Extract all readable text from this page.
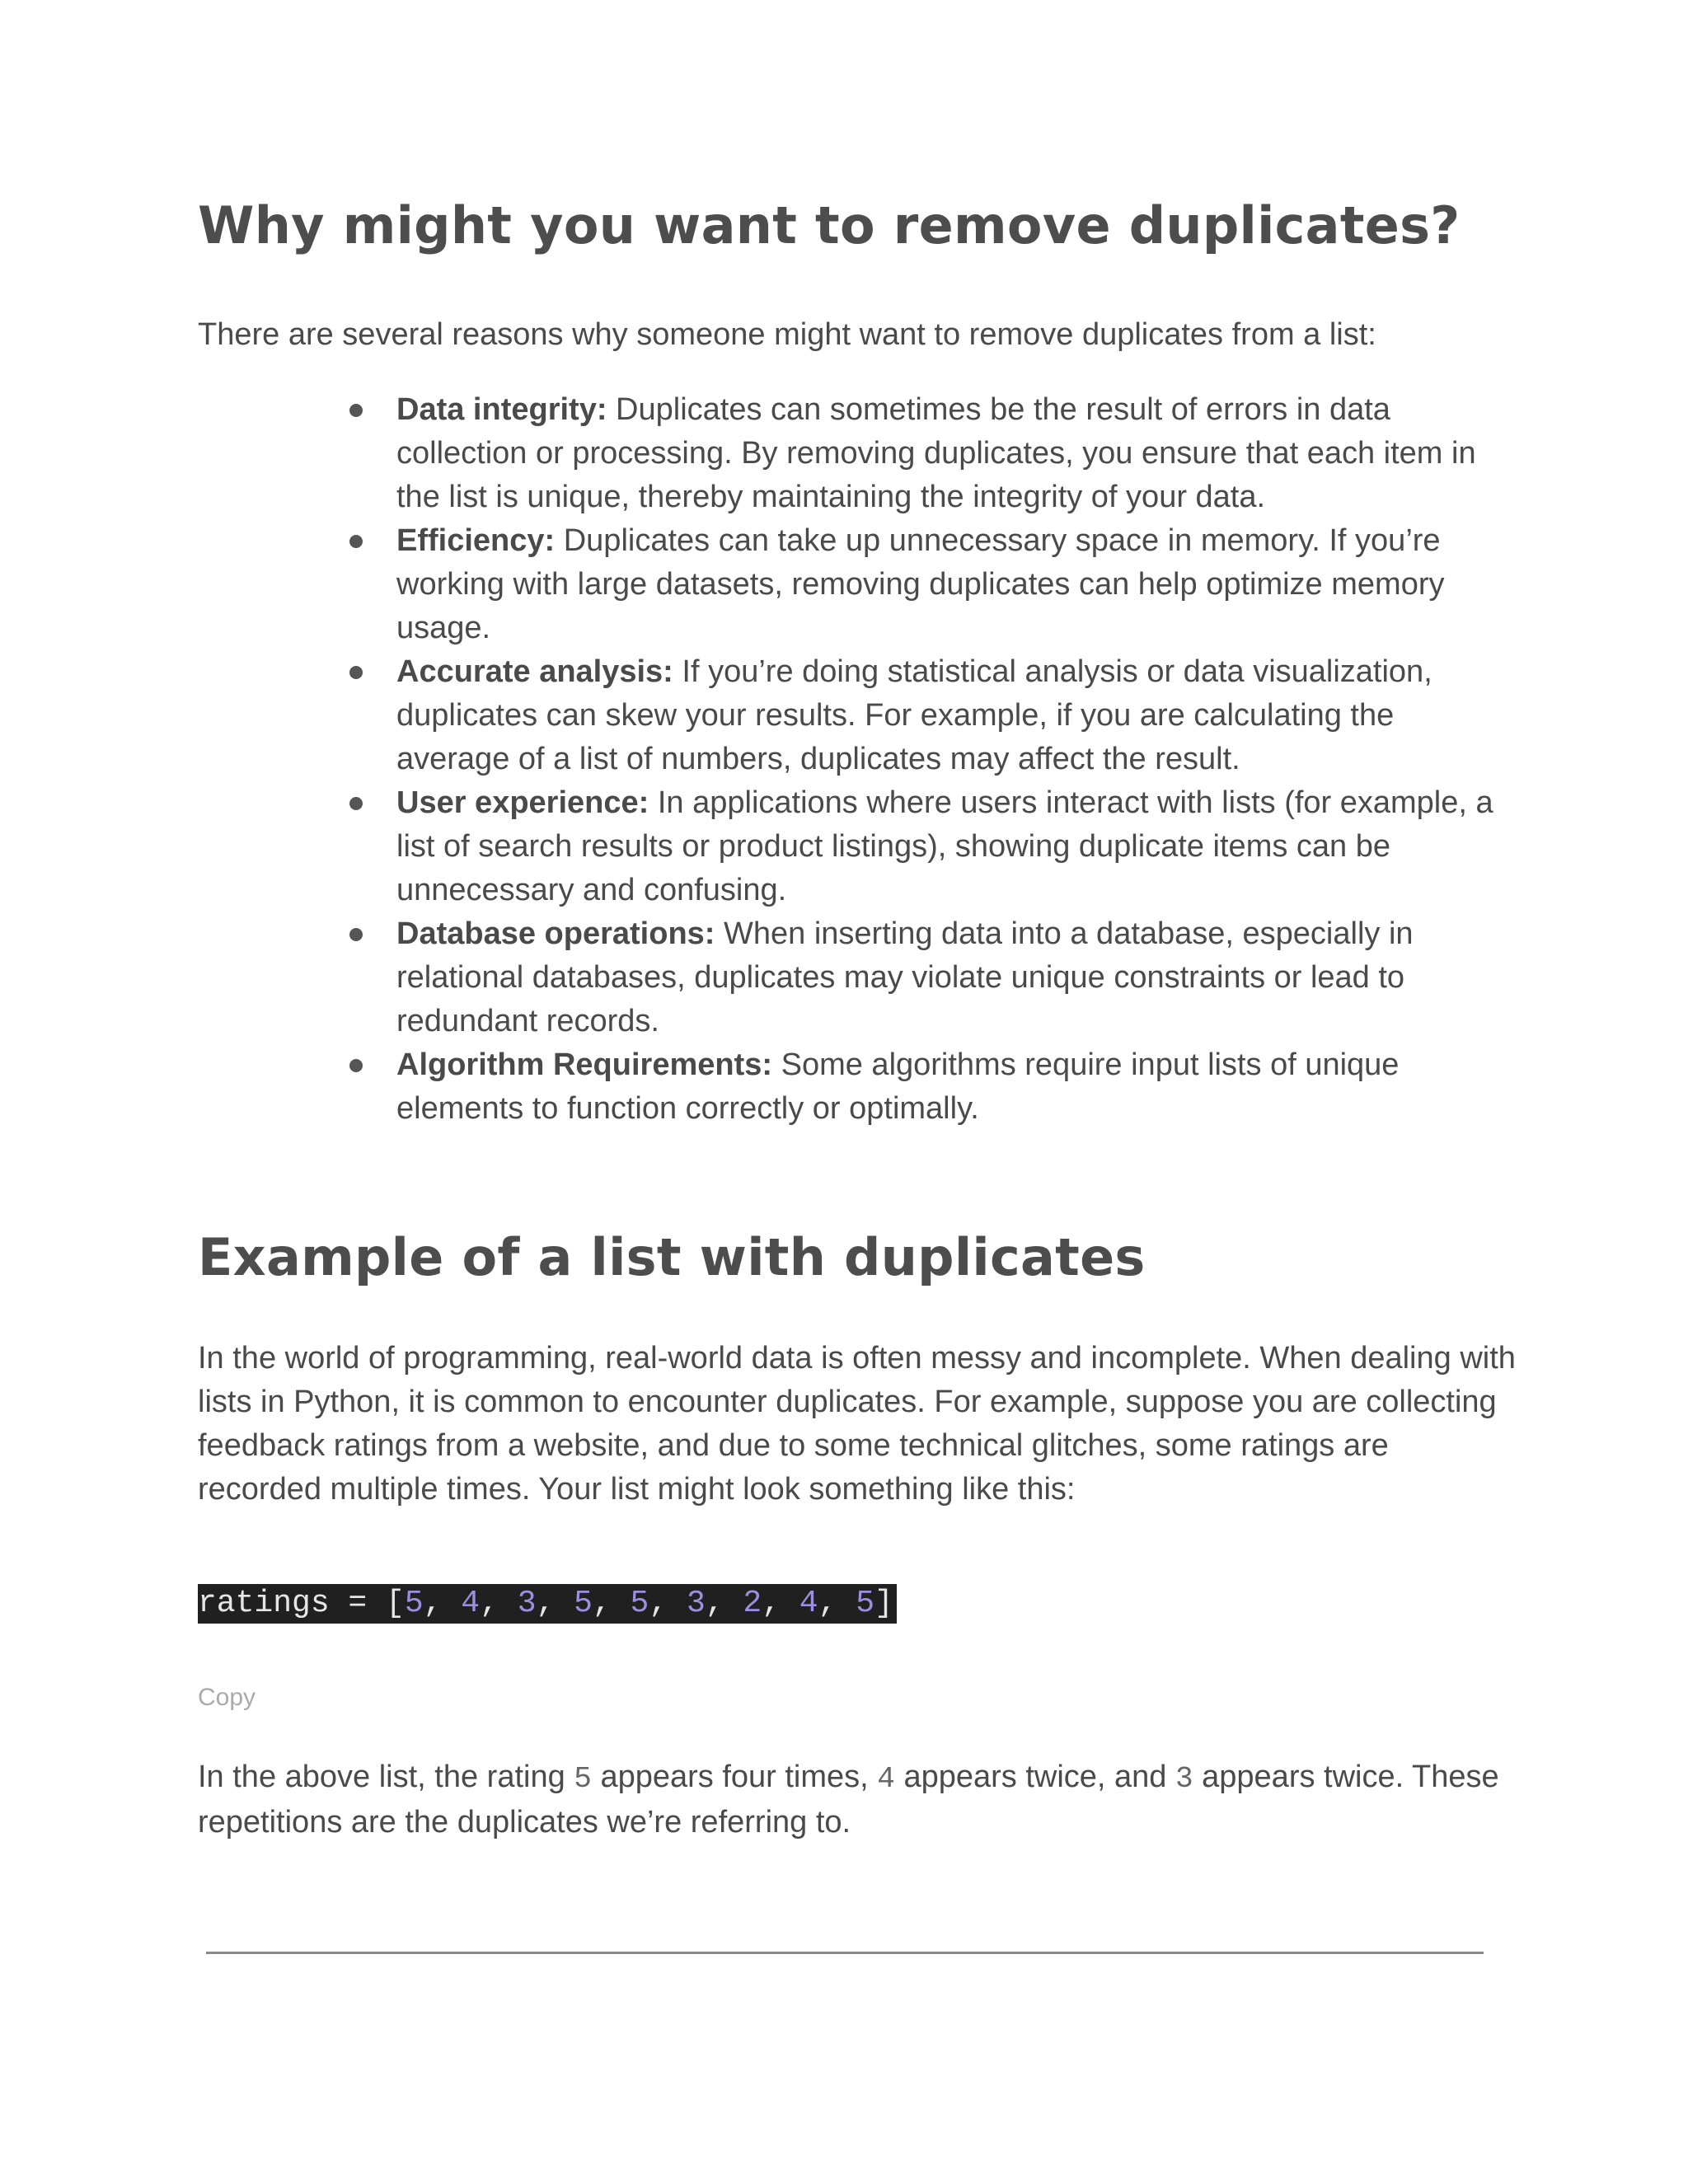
Why might you want to remove duplicates?

There are several reasons why someone might want to remove duplicates from a list:

Data integrity: Duplicates can sometimes be the result of errors in data collection or processing. By removing duplicates, you ensure that each item in the list is unique, thereby maintaining the integrity of your data.
Efficiency: Duplicates can take up unnecessary space in memory. If you’re working with large datasets, removing duplicates can help optimize memory usage.
Accurate analysis: If you’re doing statistical analysis or data visualization, duplicates can skew your results. For example, if you are calculating the average of a list of numbers, duplicates may affect the result.
User experience: In applications where users interact with lists (for example, a list of search results or product listings), showing duplicate items can be unnecessary and confusing.
Database operations: When inserting data into a database, especially in relational databases, duplicates may violate unique constraints or lead to redundant records.
Algorithm Requirements: Some algorithms require input lists of unique elements to function correctly or optimally.
Example of a list with duplicates

In the world of programming, real-world data is often messy and incomplete. When dealing with lists in Python, it is common to encounter duplicates. For example, suppose you are collecting feedback ratings from a website, and due to some technical glitches, some ratings are recorded multiple times. Your list might look something like this:

ratings = [5, 4, 3, 5, 5, 3, 2, 4, 5]
Copy

In the above list, the rating 5 appears four times, 4 appears twice, and 3 appears twice. These repetitions are the duplicates we’re referring to.
